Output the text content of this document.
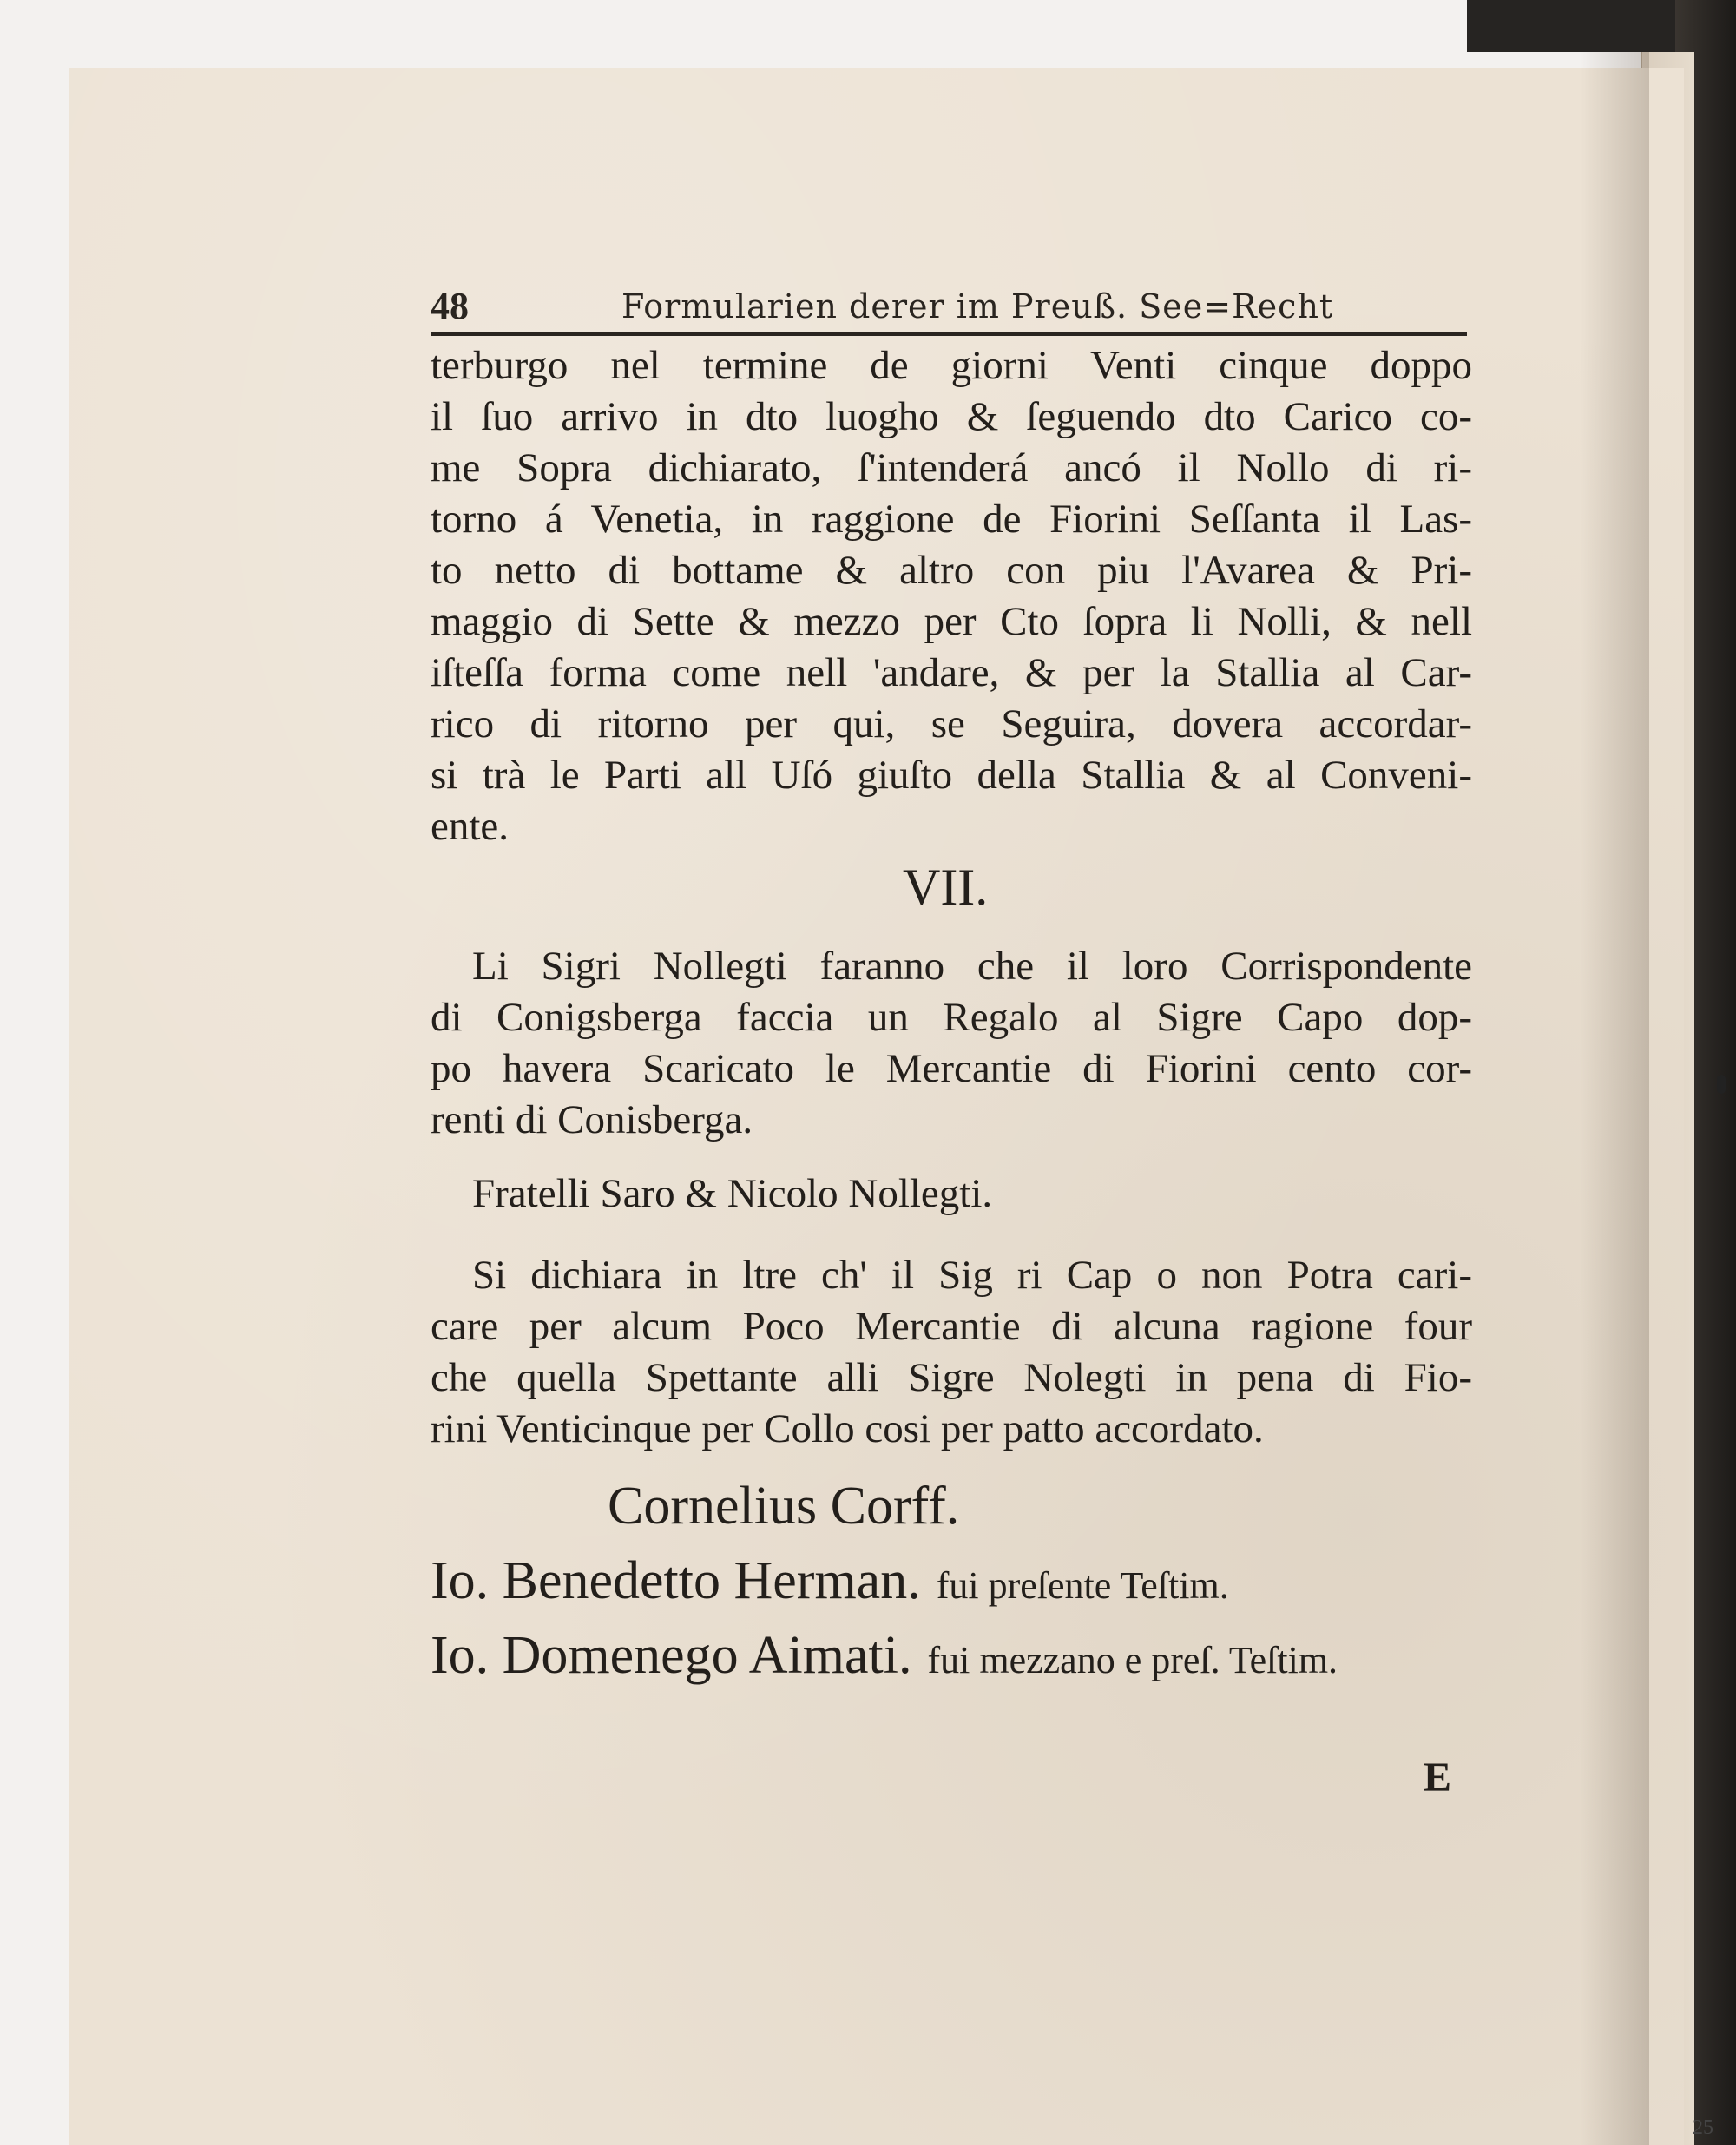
48	Formularien derer im Preuß. See=Recht
terburgo nel termine de giorni Venti cinque doppo
il ſuo arrivo in dto luogho & ſeguendo dto Carico co-
me Sopra dichiarato, ſ'intenderá ancó il Nollo di ri-
torno á Venetia, in raggione de Fiorini Seſſanta il Las-
to netto di bottame & altro con piu l'Avarea & Pri-
maggio di Sette & mezzo per Cto ſopra li Nolli, & nell
iſteſſa forma come nell 'andare, & per la Stallia al Car-
rico di ritorno per qui, se Seguira, dovera accordar-
si trà le Parti all Uſó giuſto della Stallia & al Conveni-
ente.
VII.
Li Sigri Nollegti faranno che il loro Corrispondente
di Conigsberga faccia un Regalo al Sigre Capo dop-
po havera Scaricato le Mercantie di Fiorini cento cor-
renti di Conisberga.
Fratelli Saro & Nicolo Nollegti.
Si dichiara in ltre ch' il Sig ri Cap o non Potra cari-
care per alcum Poco Mercantie di alcuna ragione four
che quella Spettante alli Sigre Nolegti in pena di Fio-
rini Venticinque per Collo cosi per patto accordato.
Cornelius Corff.
Io. Benedetto Herman. fui preſente Teſtim.
Io. Domenego Aimati. fui mezzano e preſ. Teſtim.
E
25
